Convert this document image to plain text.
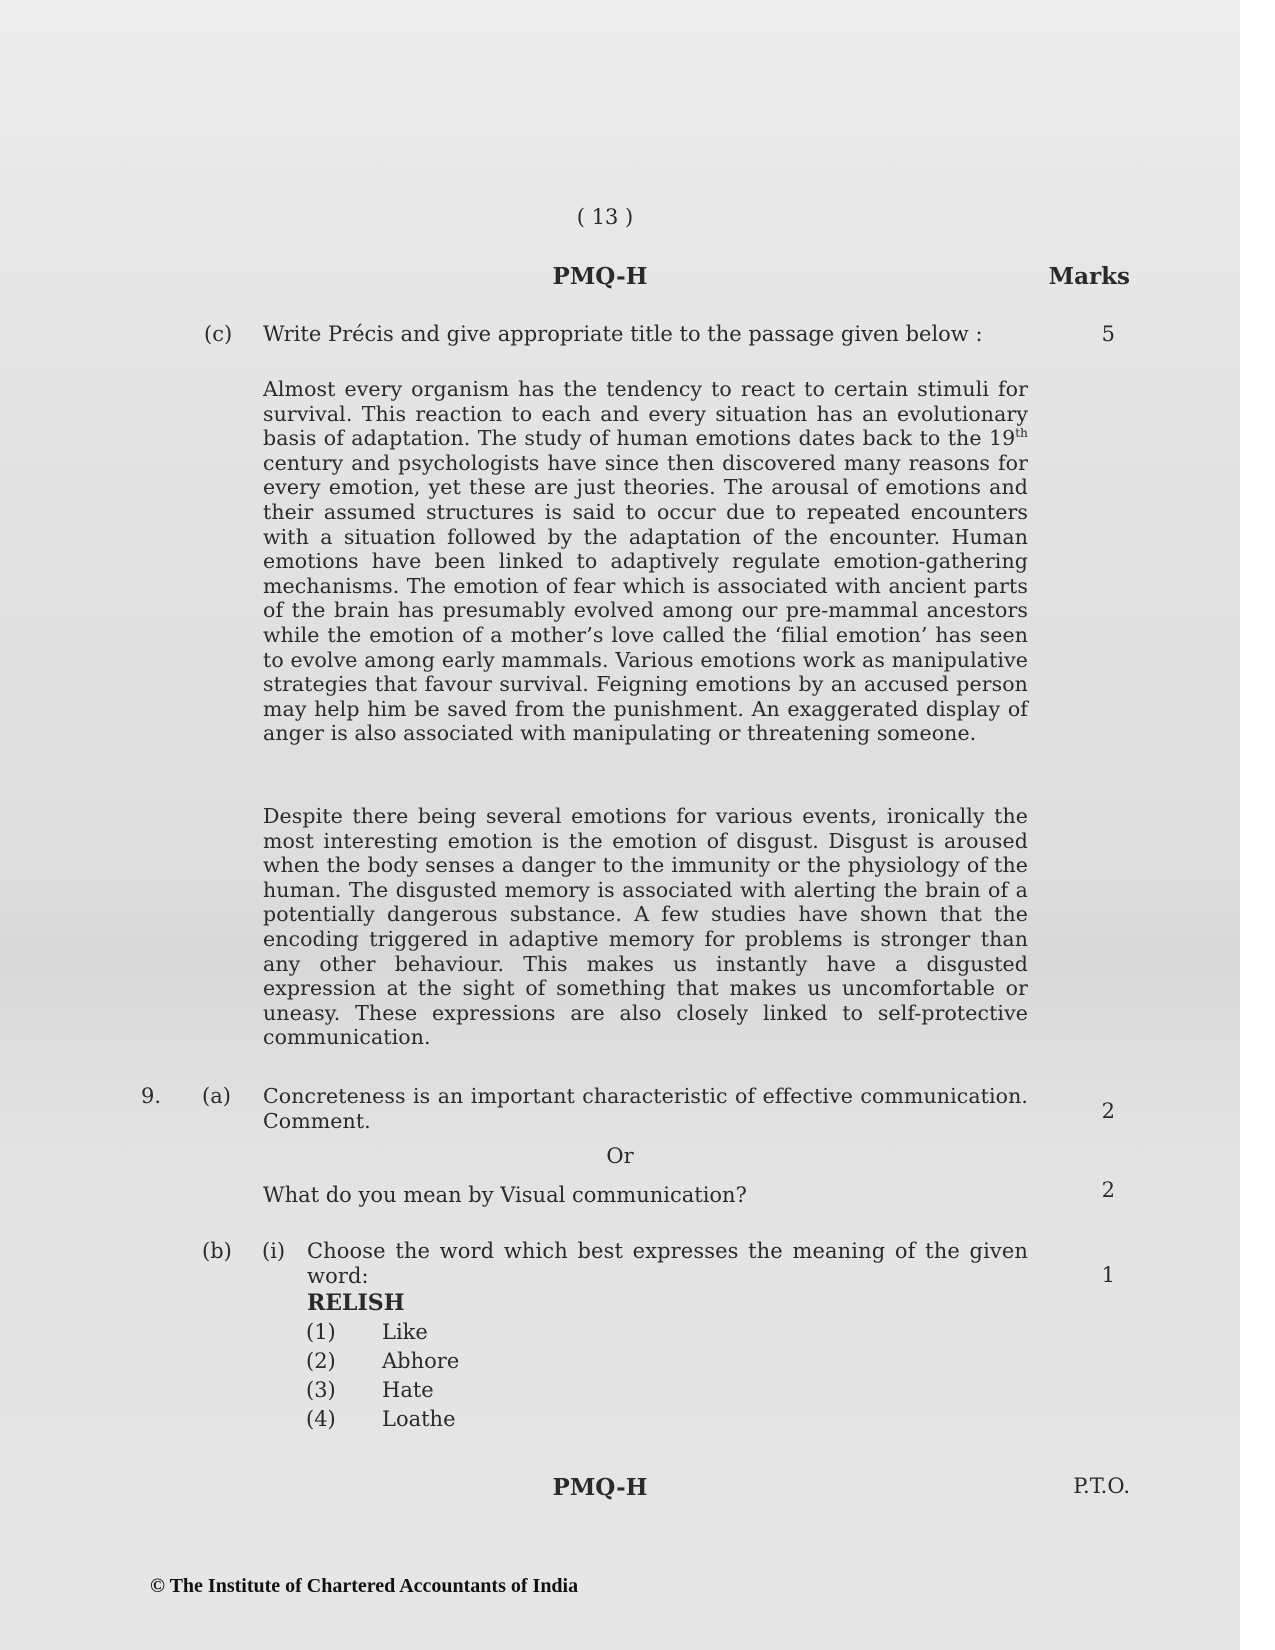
( 13 )
PMQ-H	Marks
(c) Write Précis and give appropriate title to the passage given below :	5
Almost every organism has the tendency to react to certain stimuli for survival. This reaction to each and every situation has an evolutionary basis of adaptation. The study of human emotions dates back to the 19th century and psychologists have since then discovered many reasons for every emotion, yet these are just theories. The arousal of emotions and their assumed structures is said to occur due to repeated encounters with a situation followed by the adaptation of the encounter. Human emotions have been linked to adaptively regulate emotion-gathering mechanisms. The emotion of fear which is associated with ancient parts of the brain has presumably evolved among our pre-mammal ancestors while the emotion of a mother’s love called the ‘filial emotion’ has seen to evolve among early mammals. Various emotions work as manipulative strategies that favour survival. Feigning emotions by an accused person may help him be saved from the punishment. An exaggerated display of anger is also associated with manipulating or threatening someone.
Despite there being several emotions for various events, ironically the most interesting emotion is the emotion of disgust. Disgust is aroused when the body senses a danger to the immunity or the physiology of the human. The disgusted memory is associated with alerting the brain of a potentially dangerous substance. A few studies have shown that the encoding triggered in adaptive memory for problems is stronger than any other behaviour. This makes us instantly have a disgusted expression at the sight of something that makes us uncomfortable or uneasy. These expressions are also closely linked to self-protective communication.
9. (a) Concreteness is an important characteristic of effective communication. Comment.	2
Or
What do you mean by Visual communication?	2
(b) (i) Choose the word which best expresses the meaning of the given word:	1
RELISH
(1) Like
(2) Abhore
(3) Hate
(4) Loathe
PMQ-H	P.T.O.
© The Institute of Chartered Accountants of India
